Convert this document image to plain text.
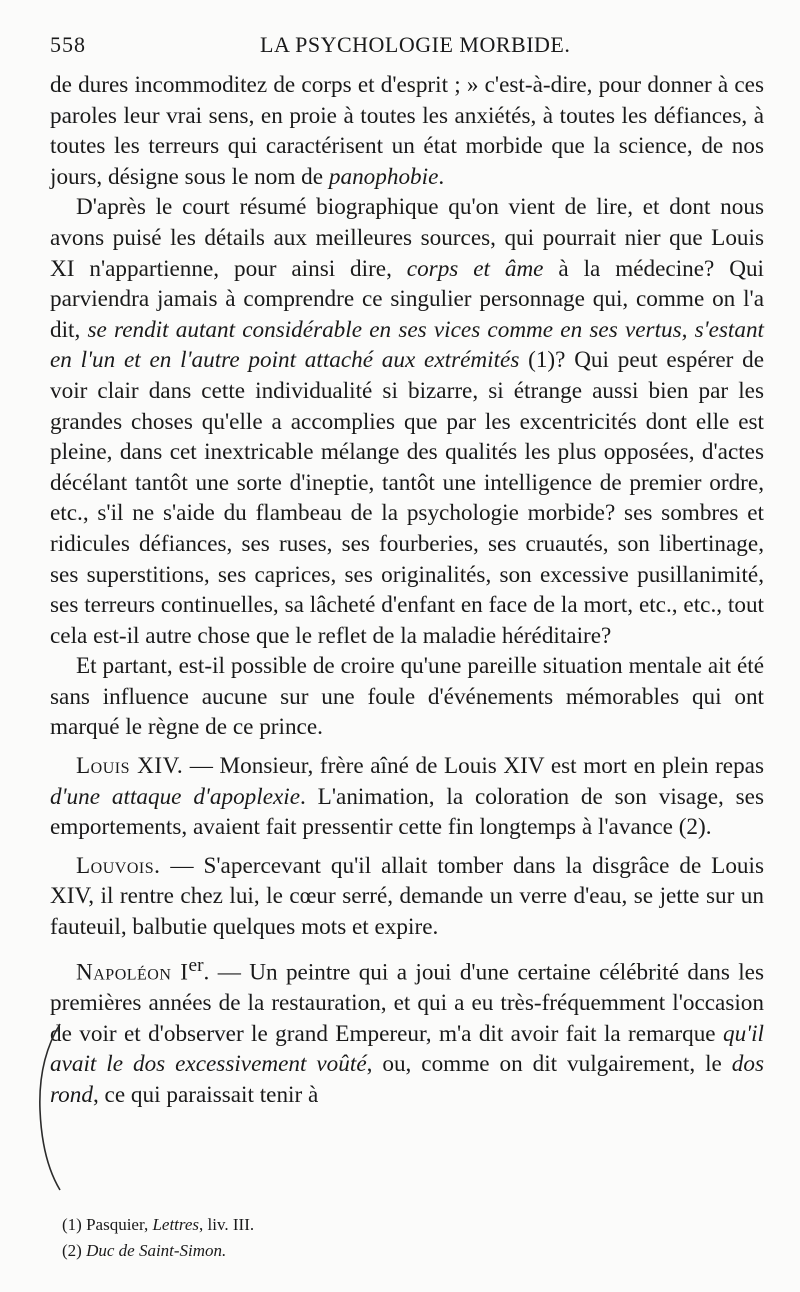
558	LA PSYCHOLOGIE MORBIDE.

de dures incommoditez de corps et d'esprit ; » c'est-à-dire, pour donner à ces paroles leur vrai sens, en proie à toutes les anxiétés, à toutes les défiances, à toutes les terreurs qui caractérisent un état morbide que la science, de nos jours, désigne sous le nom de panophobie.

D'après le court résumé biographique qu'on vient de lire, et dont nous avons puisé les détails aux meilleures sources, qui pourrait nier que Louis XI n'appartienne, pour ainsi dire, corps et âme à la médecine? Qui parviendra jamais à comprendre ce singulier personnage qui, comme on l'a dit, se rendit autant considérable en ses vices comme en ses vertus, s'estant en l'un et en l'autre point attaché aux extrémités (1)? Qui peut espérer de voir clair dans cette individualité si bizarre, si étrange aussi bien par les grandes choses qu'elle a accomplies que par les excentricités dont elle est pleine, dans cet inextricable mélange des qualités les plus opposées, d'actes décélant tantôt une sorte d'ineptie, tantôt une intelligence de premier ordre, etc., s'il ne s'aide du flambeau de la psychologie morbide? ses sombres et ridicules défiances, ses ruses, ses fourberies, ses cruautés, son libertinage, ses superstitions, ses caprices, ses originalités, son excessive pusillanimité, ses terreurs continuelles, sa lâcheté d'enfant en face de la mort, etc., etc., tout cela est-il autre chose que le reflet de la maladie héréditaire?

Et partant, est-il possible de croire qu'une pareille situation mentale ait été sans influence aucune sur une foule d'événements mémorables qui ont marqué le règne de ce prince.

Louis XIV. — Monsieur, frère aîné de Louis XIV est mort en plein repas d'une attaque d'apoplexie. L'animation, la coloration de son visage, ses emportements, avaient fait pressentir cette fin longtemps à l'avance (2).

Louvois. — S'apercevant qu'il allait tomber dans la disgrâce de Louis XIV, il rentre chez lui, le cœur serré, demande un verre d'eau, se jette sur un fauteuil, balbutie quelques mots et expire.

Napoléon Ier. — Un peintre qui a joui d'une certaine célébrité dans les premières années de la restauration, et qui a eu très-fréquemment l'occasion de voir et d'observer le grand Empereur, m'a dit avoir fait la remarque qu'il avait le dos excessivement voûté, ou, comme on dit vulgairement, le dos rond, ce qui paraissait tenir à

(1) Pasquier, Lettres, liv. III.

(2) Duc de Saint-Simon.
